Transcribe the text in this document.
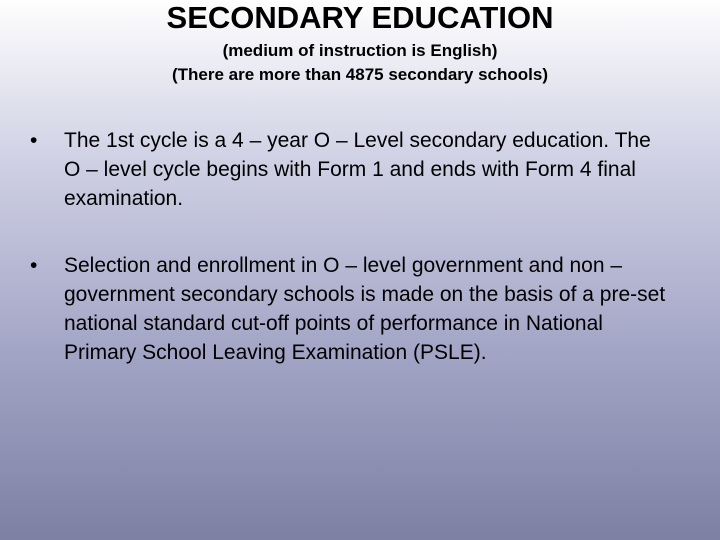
SECONDARY EDUCATION

(medium of instruction is English)

(There are more than 4875 secondary schools)

• The 1st cycle is a 4 – year O – Level secondary education. The O – level cycle begins with Form 1 and ends with Form 4 final examination.
• Selection and enrollment in O – level government and non – government secondary schools is made on the basis of a pre-set national standard cut-off points of performance in National Primary School Leaving Examination (PSLE).
